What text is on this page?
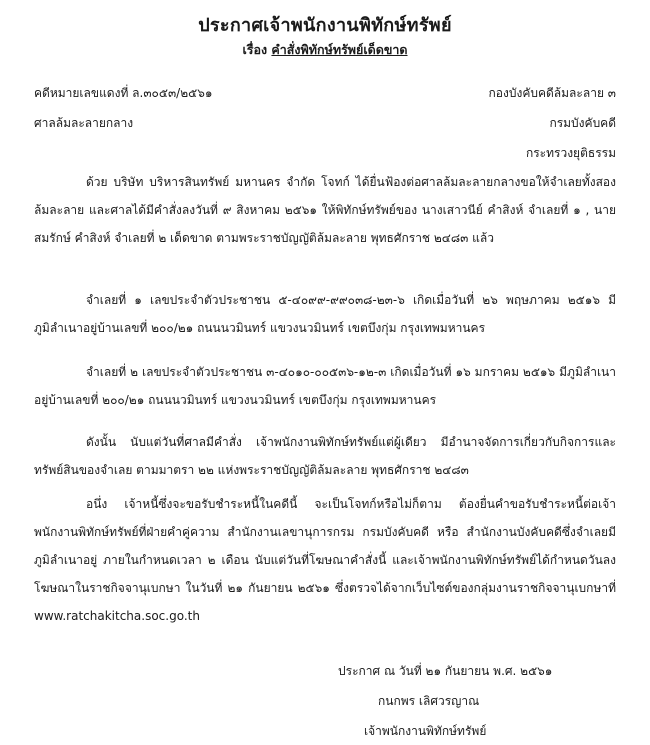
ประกาศเจ้าพนักงานพิทักษ์ทรัพย์
เรื่อง คำสั่งพิทักษ์ทรัพย์เด็ดขาด
คดีหมายเลขแดงที่ ล.๓๐๕๓/๒๕๖๑	กองบังคับคดีล้มละลาย ๓
ศาลล้มละลายกลาง	กรมบังคับคดี
กระทรวงยุติธรรม

ด้วย บริษัท บริหารสินทรัพย์ มหานคร จำกัด โจทก์ ได้ยื่นฟ้องต่อศาลล้มละลายกลางขอให้จำเลยทั้งสองล้มละลาย และศาลได้มีคำสั่งลงวันที่ ๙ สิงหาคม ๒๕๖๑ ให้พิทักษ์ทรัพย์ของ นางเสาวนีย์ คำสิงห์ จำเลยที่ ๑ , นายสมรักษ์ คำสิงห์ จำเลยที่ ๒ เด็ดขาด ตามพระราชบัญญัติล้มละลาย พุทธศักราช ๒๔๘๓ แล้ว

จำเลยที่ ๑ เลขประจำตัวประชาชน ๕-๔๐๙๙-๙๙๐๓๘-๒๓-๖ เกิดเมื่อวันที่ ๒๖ พฤษภาคม ๒๕๑๖ มีภูมิลำเนาอยู่บ้านเลขที่ ๒๐๐/๒๑ ถนนนวมินทร์ แขวงนวมินทร์ เขตบึงกุ่ม กรุงเทพมหานคร

จำเลยที่ ๒ เลขประจำตัวประชาชน ๓-๔๐๑๐-๐๐๕๓๖-๑๒-๓ เกิดเมื่อวันที่ ๑๖ มกราคม ๒๕๑๖ มีภูมิลำเนาอยู่บ้านเลขที่ ๒๐๐/๒๑ ถนนนวมินทร์ แขวงนวมินทร์ เขตบึงกุ่ม กรุงเทพมหานคร

ดังนั้น นับแต่วันที่ศาลมีคำสั่ง เจ้าพนักงานพิทักษ์ทรัพย์แต่ผู้เดียว มีอำนาจจัดการเกี่ยวกับกิจการและทรัพย์สินของจำเลย ตามมาตรา ๒๒ แห่งพระราชบัญญัติล้มละลาย พุทธศักราช ๒๔๘๓

อนึ่ง เจ้าหนี้ซึ่งจะขอรับชำระหนี้ในคดีนี้ จะเป็นโจทก์หรือไม่ก็ตาม ต้องยื่นคำขอรับชำระหนี้ต่อเจ้าพนักงานพิทักษ์ทรัพย์ที่ฝ่ายคำคู่ความ สำนักงานเลขานุการกรม กรมบังคับคดี หรือ สำนักงานบังคับคดีซึ่งจำเลยมีภูมิลำเนาอยู่ ภายในกำหนดเวลา ๒ เดือน นับแต่วันที่โฆษณาคำสั่งนี้ และเจ้าพนักงานพิทักษ์ทรัพย์ได้กำหนดวันลงโฆษณาในราชกิจจานุเบกษา ในวันที่ ๒๑ กันยายน ๒๕๖๑ ซึ่งตรวจได้จากเว็บไซต์ของกลุ่มงานราชกิจจานุเบกษาที่ www.ratchakitcha.soc.go.th

ประกาศ ณ วันที่ ๒๑ กันยายน พ.ศ. ๒๕๖๑
กนกพร เลิศวรญาณ
เจ้าพนักงานพิทักษ์ทรัพย์
